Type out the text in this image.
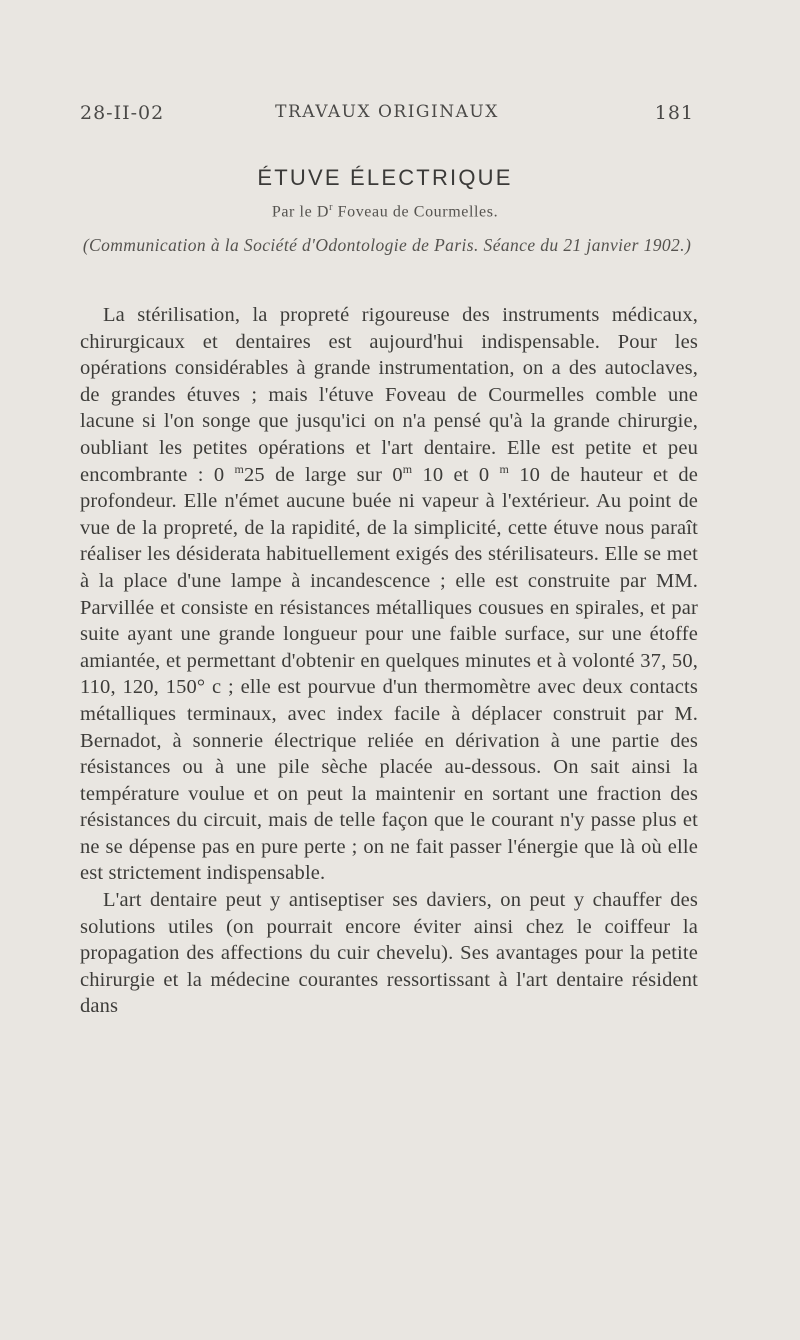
28-II-02	TRAVAUX ORIGINAUX	181
ÉTUVE ÉLECTRIQUE
Par le $D^r$ Foveau de Courmelles.
(Communication à la Société d'Odontologie de Paris. Séance du 21 janvier 1902.)

La stérilisation, la propreté rigoureuse des instruments médicaux, chirurgicaux et dentaires est aujourd'hui indispensable. Pour les opérations considérables à grande instrumentation, on a des autoclaves, de grandes étuves ; mais l'étuve Foveau de Courmelles comble une lacune si l'on songe que jusqu'ici on n'a pensé qu'à la grande chirurgie, oubliant les petites opérations et l'art dentaire. Elle est petite et peu encombrante : 0 $^m$25 de large sur 0$^m$ 10 et 0 $^m$ 10 de hauteur et de profondeur. Elle n'émet aucune buée ni vapeur à l'extérieur. Au point de vue de la propreté, de la rapidité, de la simplicité, cette étuve nous paraît réaliser les désiderata habituellement exigés des stérilisateurs. Elle se met à la place d'une lampe à incandescence ; elle est construite par MM. Parvillée et consiste en résistances métalliques cousues en spirales, et par suite ayant une grande longueur pour une faible surface, sur une étoffe amiantée, et permettant d'obtenir en quelques minutes et à volonté 37, 50, 110, 120, 150° c ; elle est pourvue d'un thermomètre avec deux contacts métalliques terminaux, avec index facile à déplacer construit par M. Bernadot, à sonnerie électrique reliée en dérivation à une partie des résistances ou à une pile sèche placée au-dessous. On sait ainsi la température voulue et on peut la maintenir en sortant une fraction des résistances du circuit, mais de telle façon que le courant n'y passe plus et ne se dépense pas en pure perte ; on ne fait passer l'énergie que là où elle est strictement indispensable.

L'art dentaire peut y antiseptiser ses daviers, on peut y chauffer des solutions utiles (on pourrait encore éviter ainsi chez le coiffeur la propagation des affections du cuir chevelu). Ses avantages pour la petite chirurgie et la médecine courantes ressortissant à l'art dentaire résident dans
